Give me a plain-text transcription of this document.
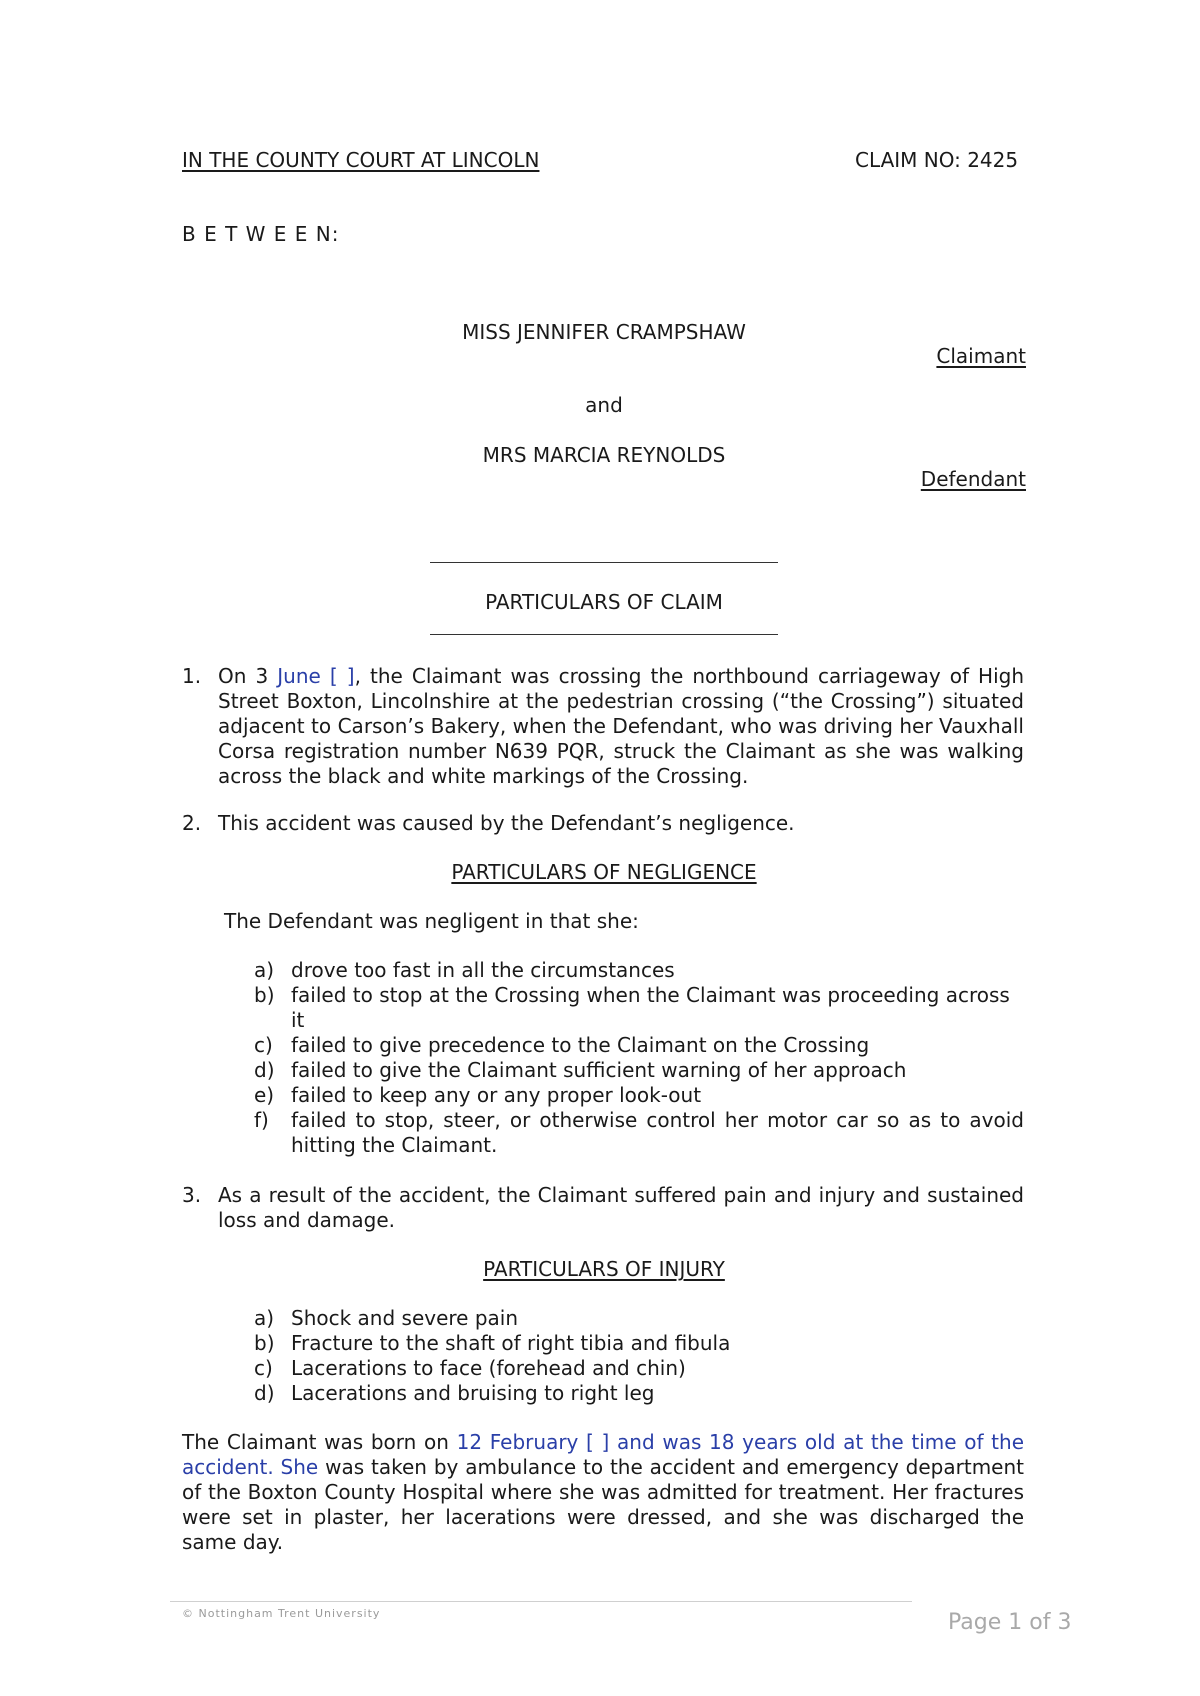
IN THE COUNTY COURT AT LINCOLN	CLAIM NO: 2425
B E T W E E N:
MISS JENNIFER CRAMPSHAW
Claimant
and
MRS MARCIA REYNOLDS
Defendant
PARTICULARS OF CLAIM
1. On 3 June [ ], the Claimant was crossing the northbound carriageway of High Street Boxton, Lincolnshire at the pedestrian crossing (“the Crossing”) situated adjacent to Carson’s Bakery, when the Defendant, who was driving her Vauxhall Corsa registration number N639 PQR, struck the Claimant as she was walking across the black and white markings of the Crossing.
2. This accident was caused by the Defendant’s negligence.
PARTICULARS OF NEGLIGENCE
The Defendant was negligent in that she:
a) drove too fast in all the circumstances
b) failed to stop at the Crossing when the Claimant was proceeding across it
c) failed to give precedence to the Claimant on the Crossing
d) failed to give the Claimant sufficient warning of her approach
e) failed to keep any or any proper look-out
f) failed to stop, steer, or otherwise control her motor car so as to avoid hitting the Claimant.
3. As a result of the accident, the Claimant suffered pain and injury and sustained loss and damage.
PARTICULARS OF INJURY
a) Shock and severe pain
b) Fracture to the shaft of right tibia and fibula
c) Lacerations to face (forehead and chin)
d) Lacerations and bruising to right leg
The Claimant was born on 12 February [ ] and was 18 years old at the time of the accident. She was taken by ambulance to the accident and emergency department of the Boxton County Hospital where she was admitted for treatment. Her fractures were set in plaster, her lacerations were dressed, and she was discharged the same day.
© Nottingham Trent University	Page 1 of 3
